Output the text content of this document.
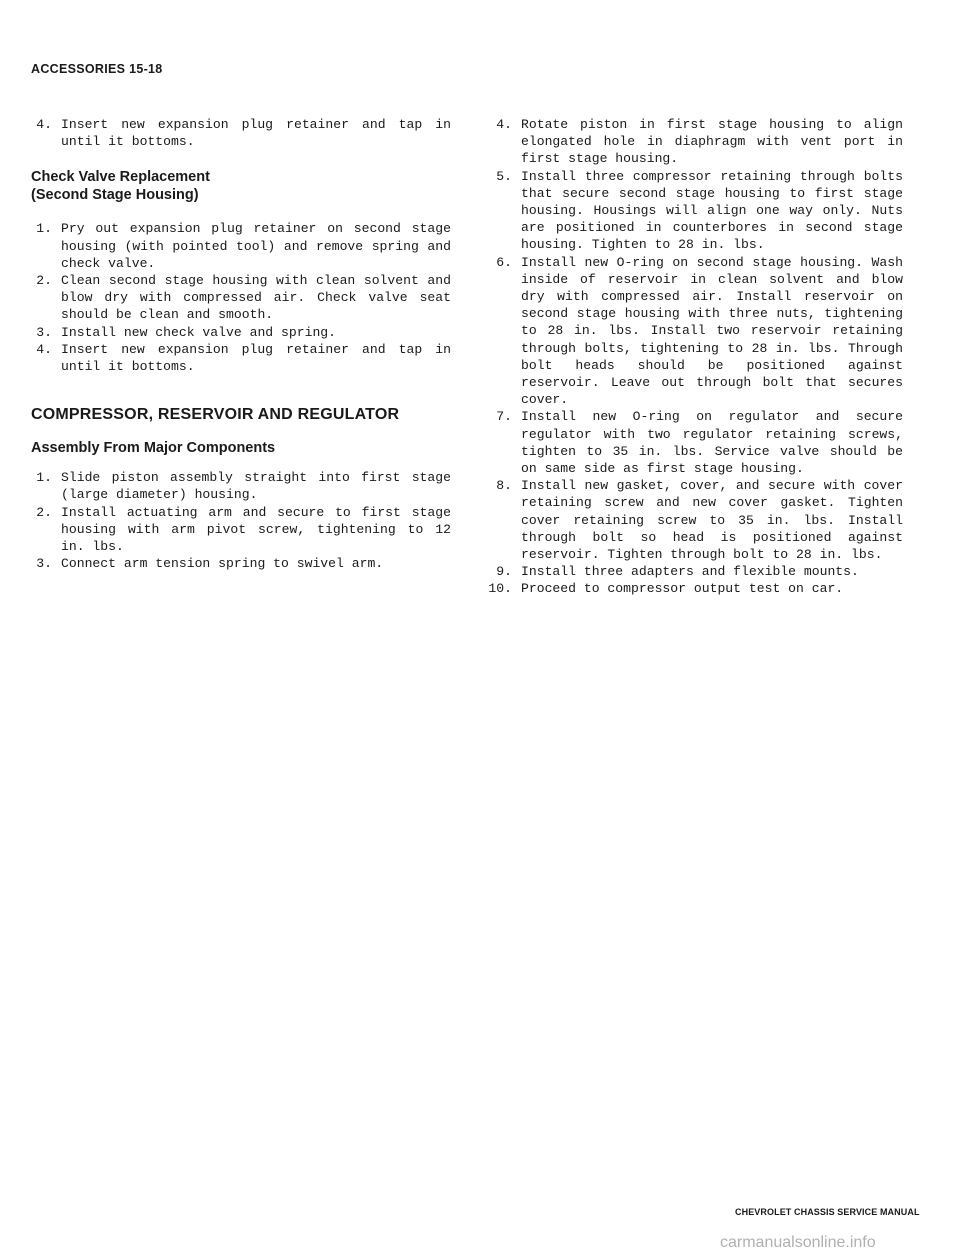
ACCESSORIES 15-18
4. Insert new expansion plug retainer and tap in until it bottoms.
Check Valve Replacement
(Second Stage Housing)
1. Pry out expansion plug retainer on second stage housing (with pointed tool) and remove spring and check valve.
2. Clean second stage housing with clean solvent and blow dry with compressed air. Check valve seat should be clean and smooth.
3. Install new check valve and spring.
4. Insert new expansion plug retainer and tap in until it bottoms.
COMPRESSOR, RESERVOIR AND REGULATOR
Assembly From Major Components
1. Slide piston assembly straight into first stage (large diameter) housing.
2. Install actuating arm and secure to first stage housing with arm pivot screw, tightening to 12 in. lbs.
3. Connect arm tension spring to swivel arm.
4. Rotate piston in first stage housing to align elongated hole in diaphragm with vent port in first stage housing.
5. Install three compressor retaining through bolts that secure second stage housing to first stage housing. Housings will align one way only. Nuts are positioned in counterbores in second stage housing. Tighten to 28 in. lbs.
6. Install new O-ring on second stage housing. Wash inside of reservoir in clean solvent and blow dry with compressed air. Install reservoir on second stage housing with three nuts, tightening to 28 in. lbs. Install two reservoir retaining through bolts, tightening to 28 in. lbs. Through bolt heads should be positioned against reservoir. Leave out through bolt that secures cover.
7. Install new O-ring on regulator and secure regulator with two regulator retaining screws, tighten to 35 in. lbs. Service valve should be on same side as first stage housing.
8. Install new gasket, cover, and secure with cover retaining screw and new cover gasket. Tighten cover retaining screw to 35 in. lbs. Install through bolt so head is positioned against reservoir. Tighten through bolt to 28 in. lbs.
9. Install three adapters and flexible mounts.
10. Proceed to compressor output test on car.
CHEVROLET CHASSIS SERVICE MANUAL
carmanualsonline.info
